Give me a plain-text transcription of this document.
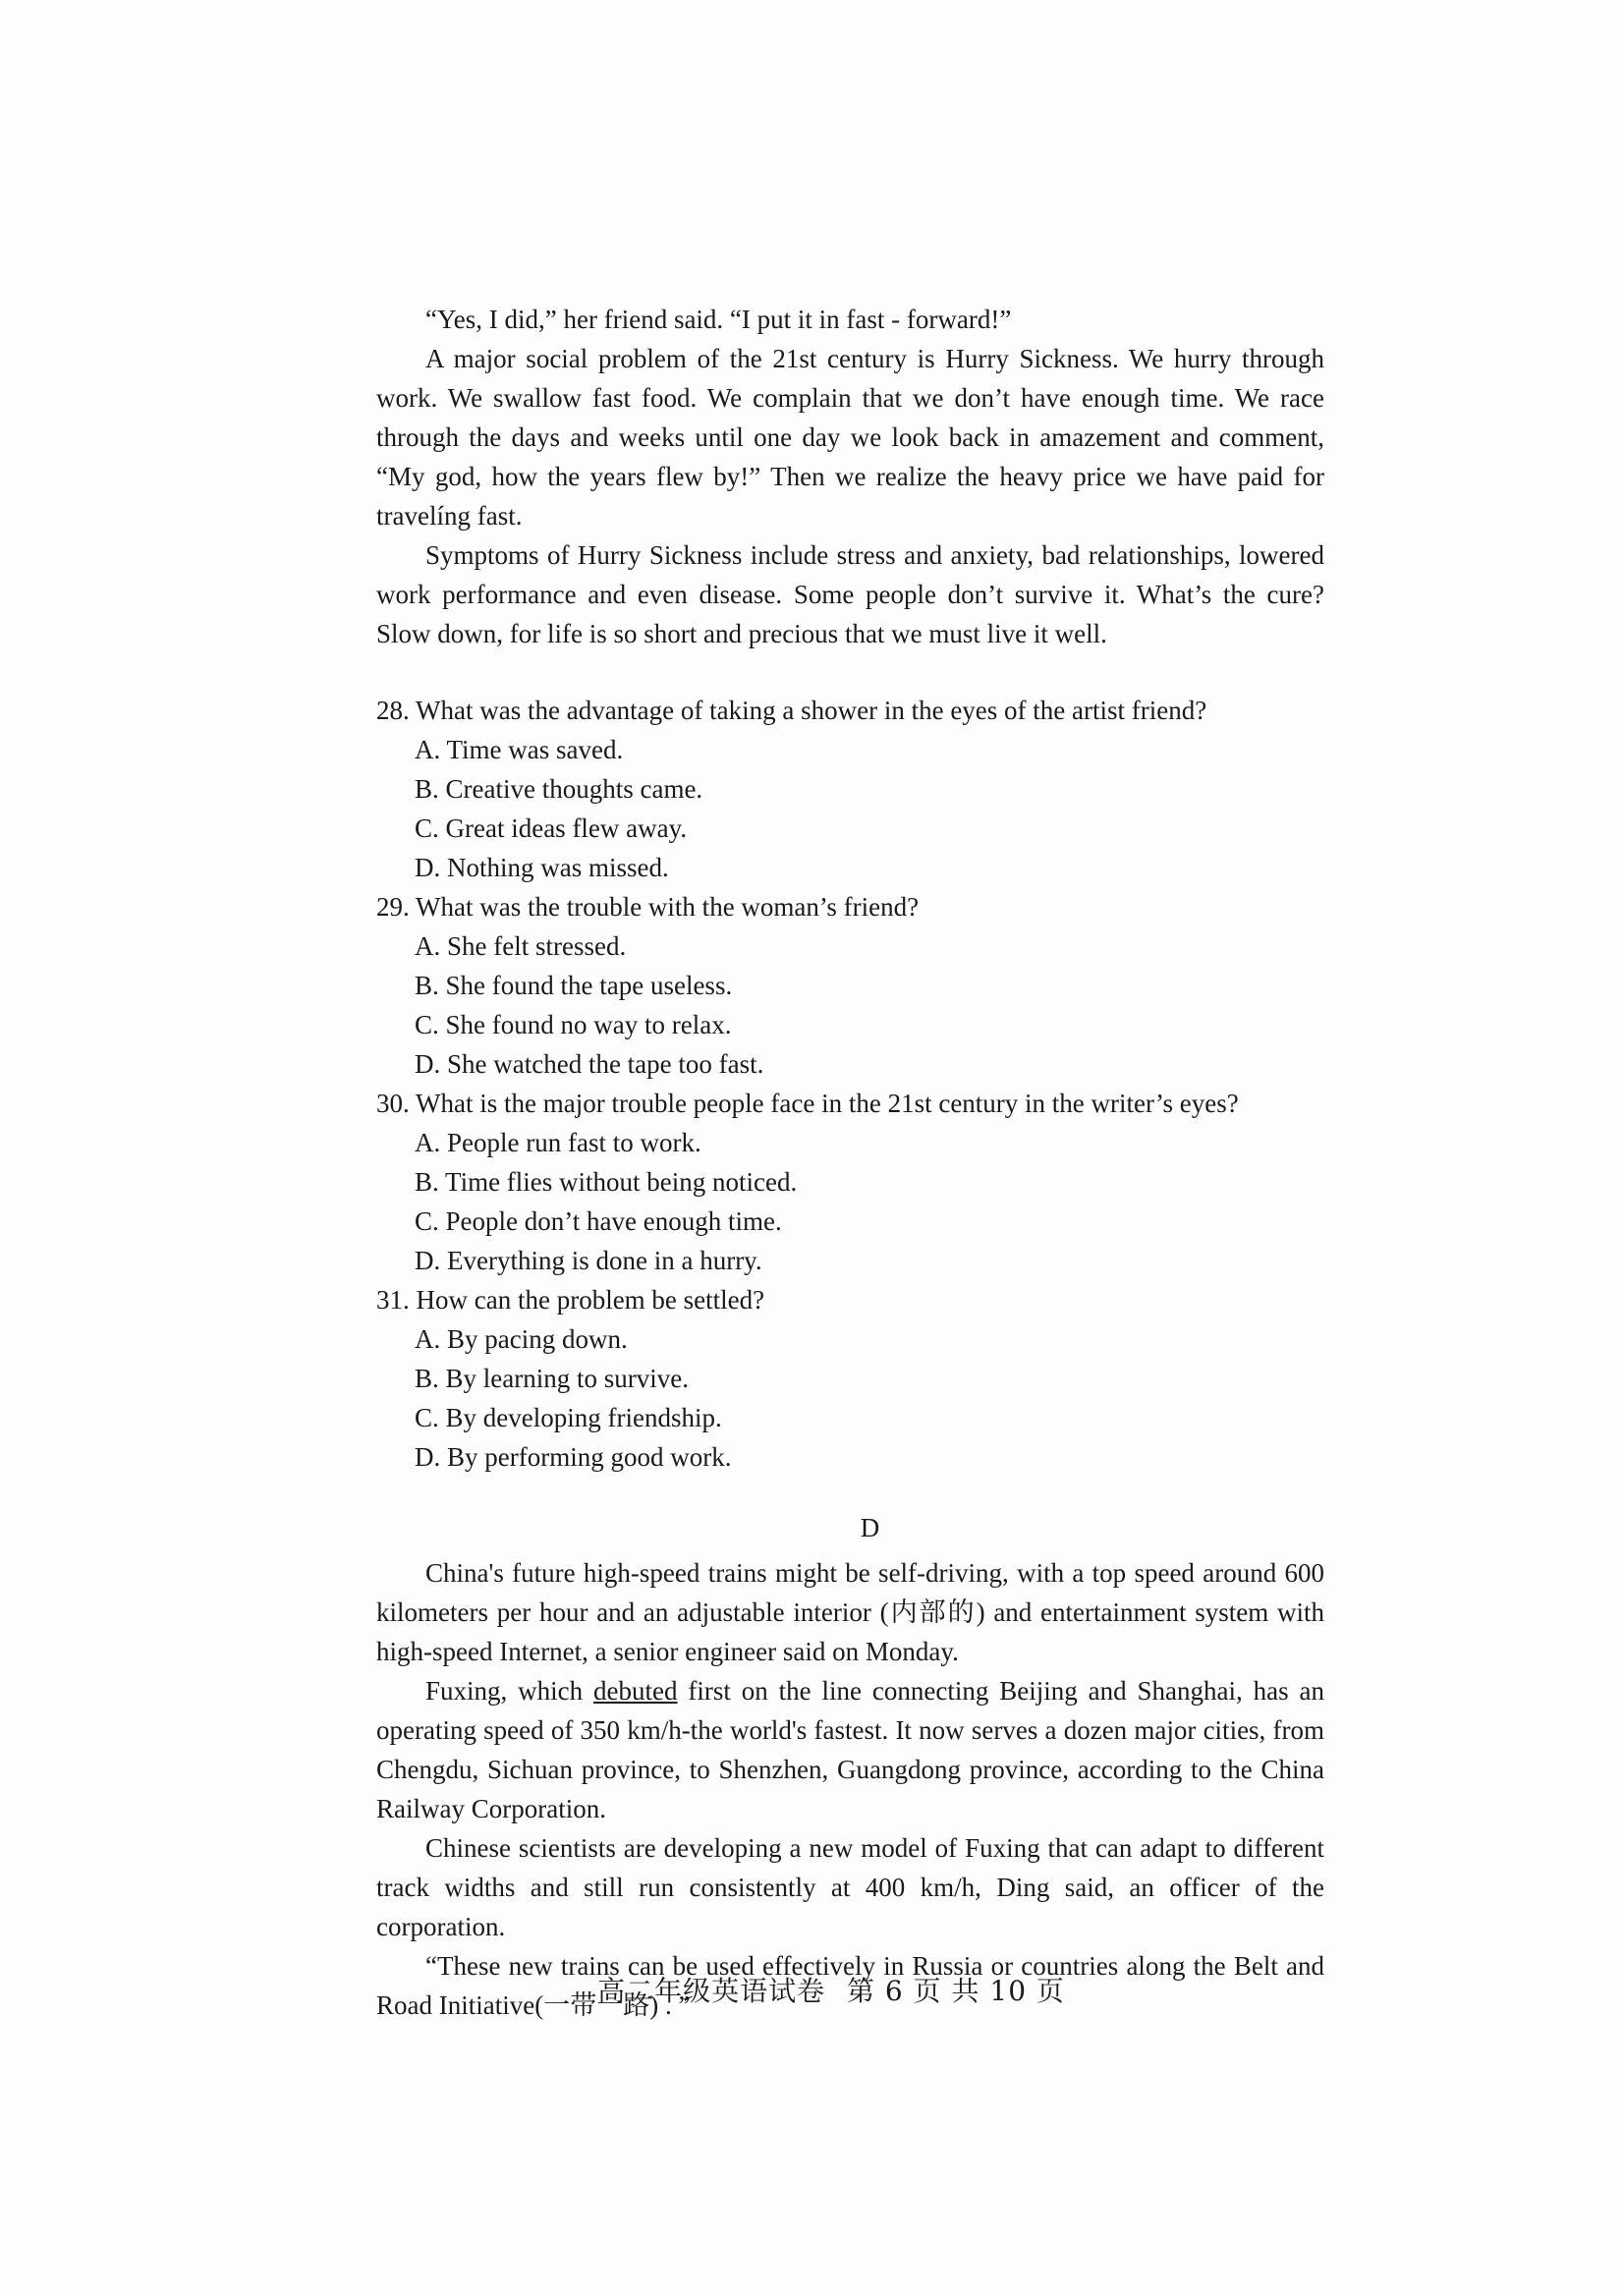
“Yes, I did,” her friend said. “I put it in fast - forward!”

A major social problem of the 21st century is Hurry Sickness. We hurry through work. We swallow fast food. We complain that we don’t have enough time. We race through the days and weeks until one day we look back in amazement and comment, “My god, how the years flew by!” Then we realize the heavy price we have paid for travelíng fast.

Symptoms of Hurry Sickness include stress and anxiety, bad relationships, lowered work performance and even disease. Some people don’t survive it. What’s the cure? Slow down, for life is so short and precious that we must live it well.

28. What was the advantage of taking a shower in the eyes of the artist friend?

A. Time was saved.

B. Creative thoughts came.

C. Great ideas flew away.

D. Nothing was missed.

29. What was the trouble with the woman’s friend?

A. She felt stressed.

B. She found the tape useless.

C. She found no way to relax.

D. She watched the tape too fast.

30. What is the major trouble people face in the 21st century in the writer’s eyes?

A. People run fast to work.

B. Time flies without being noticed.

C. People don’t have enough time.

D. Everything is done in a hurry.

31. How can the problem be settled?

A. By pacing down.

B. By learning to survive.

C. By developing friendship.

D. By performing good work.

D

China's future high-speed trains might be self-driving, with a top speed around 600 kilometers per hour and an adjustable interior (内部的) and entertainment system with high-speed Internet, a senior engineer said on Monday.

Fuxing, which debuted first on the line connecting Beijing and Shanghai, has an operating speed of 350 km/h-the world's fastest. It now serves a dozen major cities, from Chengdu, Sichuan province, to Shenzhen, Guangdong province, according to the China Railway Corporation.

Chinese scientists are developing a new model of Fuxing that can adapt to different track widths and still run consistently at 400 km/h, Ding said, an officer of the corporation.

“These new trains can be used effectively in Russia or countries along the Belt and Road Initiative(一带一路) . ”

高二年级英语试卷 第 6 页 共 10 页
